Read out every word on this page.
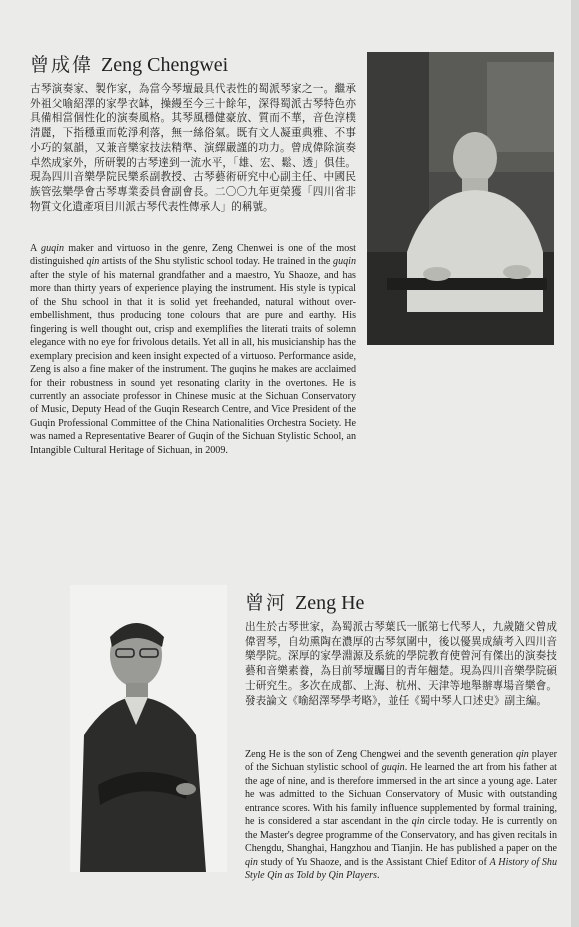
曾成偉 Zeng Chengwei
古琴演奏家、製作家，為當今琴壇最具代表性的蜀派琴家之一。繼承外祖父喻紹澤的家學衣缽，操縵至今三十餘年，深得蜀派古琴特色亦具備相當個性化的演奏風格。其琴風穩健豪放、質而不華，音色淳樸清麗，下指穩重而乾淨利落，無一絲俗氣。既有文人凝重典雅、不事小巧的氣韻，又兼音樂家技法精準、演繹嚴謹的功力。曾成偉除演奏卓然成家外，所研製的古琴達到一流水平，「雄、宏、鬆、透」俱佳。現為四川音樂學院民樂系副教授、古琴藝術研究中心副主任、中國民族管弦樂學會古琴專業委員會副會長。二〇〇九年更榮獲「四川省非物質文化遺產項目川派古琴代表性傳承人」的稱號。

A guqin maker and virtuoso in the genre, Zeng Chenwei is one of the most distinguished qin artists of the Shu stylistic school today. He trained in the guqin after the style of his maternal grandfather and a maestro, Yu Shaoze, and has more than thirty years of experience playing the instrument. His style is typical of the Shu school in that it is solid yet freehanded, natural without over-embellishment, thus producing tone colours that are pure and earthy. His fingering is well thought out, crisp and exemplifies the literati traits of solemn elegance with no eye for frivolous details. Yet all in all, his musicianship has the exemplary precision and keen insight expected of a virtuoso. Performance aside, Zeng is also a fine maker of the instrument. The guqins he makes are acclaimed for their robustness in sound yet resonating clarity in the overtones. He is currently an associate professor in Chinese music at the Sichuan Conservatory of Music, Deputy Head of the Guqin Research Centre, and Vice President of the Guqin Professional Committee of the China Nationalities Orchestra Society. He was named a Representative Bearer of Guqin of the Sichuan Stylistic School, an Intangible Cultural Heritage of Sichuan, in 2009.

曾河 Zeng He
出生於古琴世家，為蜀派古琴葉氏一脈第七代琴人，九歲隨父曾成偉習琴，自幼熏陶在濃厚的古琴氛圍中，後以優異成績考入四川音樂學院。深厚的家學淵源及系統的學院教育使曾河有傑出的演奏技藝和音樂素養，為目前琴壇矚目的青年翹楚。現為四川音樂學院碩士研究生。多次在成都、上海、杭州、天津等地舉辦專場音樂會。發表論文《喻紹澤琴學考略》，並任《蜀中琴人口述史》副主編。

Zeng He is the son of Zeng Chengwei and the seventh generation qin player of the Sichuan stylistic school of guqin. He learned the art from his father at the age of nine, and is therefore immersed in the art since a young age. Later he was admitted to the Sichuan Conservatory of Music with outstanding entrance scores. With his family influence supplemented by formal training, he is considered a star ascendant in the qin circle today. He is currently on the Master's degree programme of the Conservatory, and has given recitals in Chengdu, Shanghai, Hangzhou and Tianjin. He has published a paper on the qin study of Yu Shaoze, and is the Assistant Chief Editor of A History of Shu Style Qin as Told by Qin Players.
